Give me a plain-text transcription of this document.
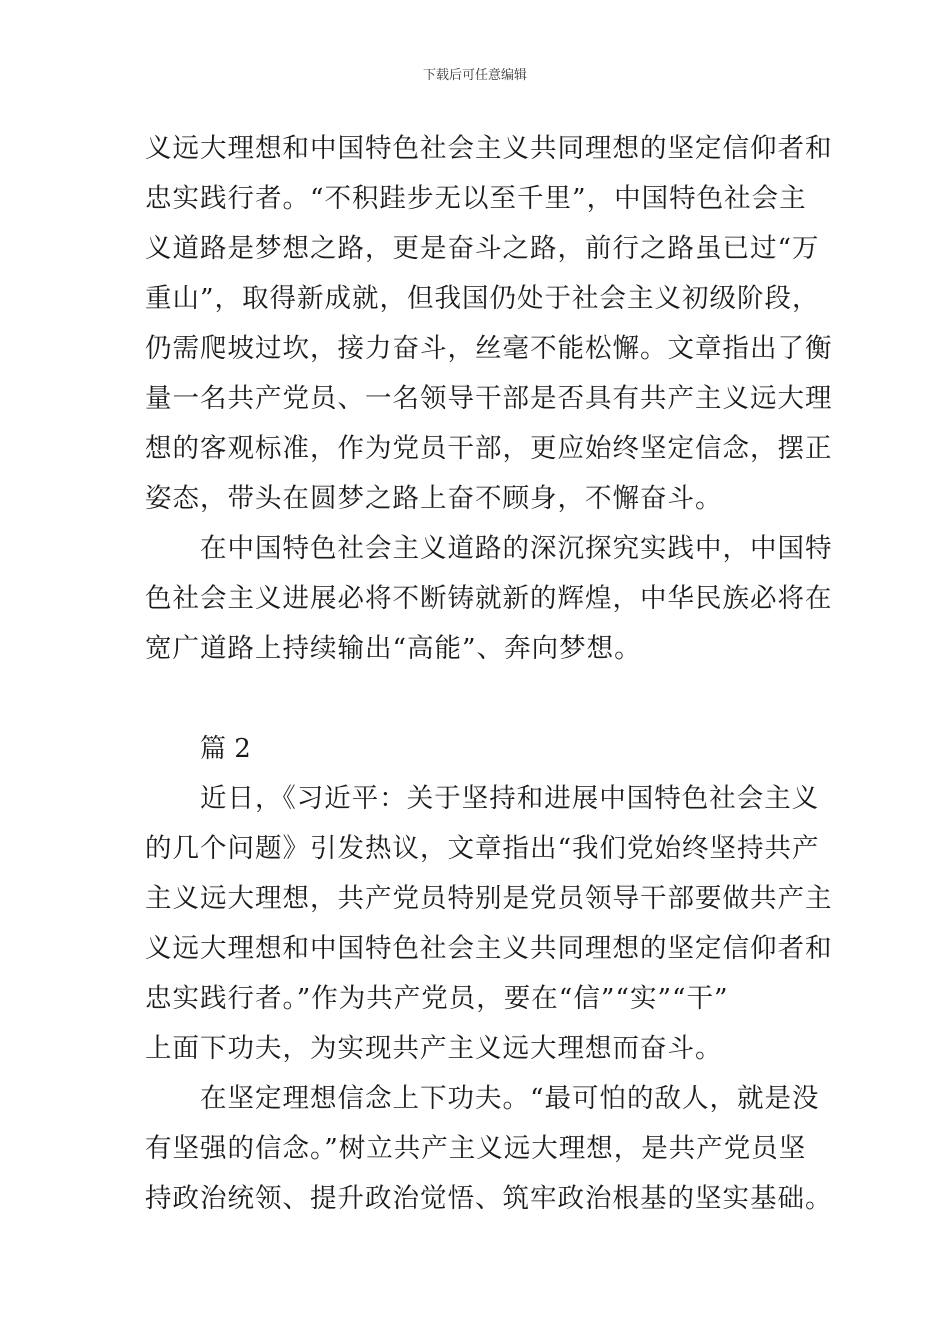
下载后可任意编辑
义远大理想和中国特色社会主义共同理想的坚定信仰者和
忠实践行者。“不积跬步无以至千里”，中国特色社会主
义道路是梦想之路，更是奋斗之路，前行之路虽已过“万
重山”，取得新成就，但我国仍处于社会主义初级阶段，
仍需爬坡过坎，接力奋斗，丝毫不能松懈。文章指出了衡
量一名共产党员、一名领导干部是否具有共产主义远大理
想的客观标准，作为党员干部，更应始终坚定信念，摆正
姿态，带头在圆梦之路上奋不顾身，不懈奋斗。
在中国特色社会主义道路的深沉探究实践中，中国特
色社会主义进展必将不断铸就新的辉煌，中华民族必将在
宽广道路上持续输出“高能”、奔向梦想。
篇 2
近日，《习近平：关于坚持和进展中国特色社会主义
的几个问题》引发热议，文章指出“我们党始终坚持共产
主义远大理想，共产党员特别是党员领导干部要做共产主
义远大理想和中国特色社会主义共同理想的坚定信仰者和
忠实践行者。”作为共产党员，要在“信”“实”“干”
上面下功夫，为实现共产主义远大理想而奋斗。
在坚定理想信念上下功夫。“最可怕的敌人，就是没
有坚强的信念。”树立共产主义远大理想，是共产党员坚
持政治统领、提升政治觉悟、筑牢政治根基的坚实基础。
